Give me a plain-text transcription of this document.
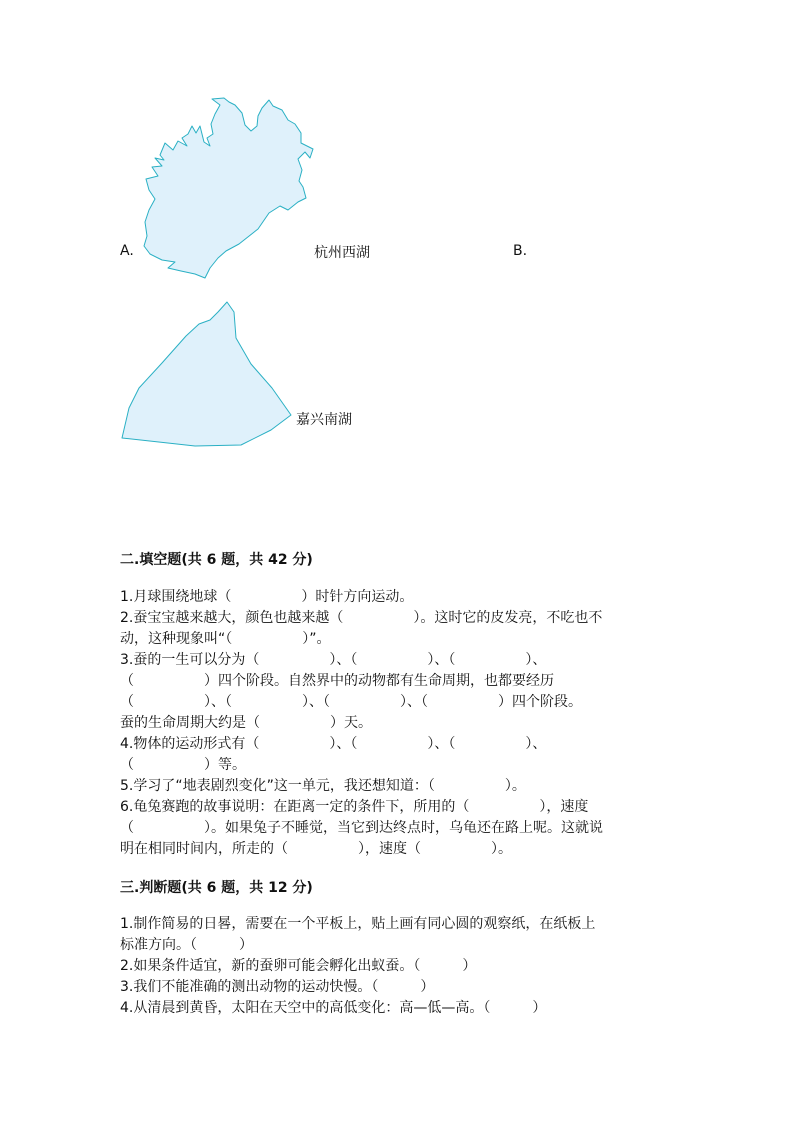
A.	杭州西湖	B.
嘉兴南湖
二.填空题(共 6 题，共 42 分)
1.月球围绕地球（　　　　　）时针方向运动。
2.蚕宝宝越来越大，颜色也越来越（　　　　　）。这时它的皮发亮，不吃也不
动，这种现象叫“（　　　　　）”。
3.蚕的一生可以分为（　　　　　）、（　　　　　）、（　　　　　）、
（　　　　　）四个阶段。自然界中的动物都有生命周期，也都要经历
（　　　　　）、（　　　　　）、（　　　　　）、（　　　　　）四个阶段。
蚕的生命周期大约是（　　　　　）天。
4.物体的运动形式有（　　　　　）、（　　　　　）、（　　　　　）、
（　　　　　）等。
5.学习了“地表剧烈变化”这一单元，我还想知道：（　　　　　）。
6.龟兔赛跑的故事说明：在距离一定的条件下，所用的（　　　　　），速度
（　　　　　）。如果兔子不睡觉，当它到达终点时，乌龟还在路上呢。这就说
明在相同时间内，所走的（　　　　　），速度（　　　　　）。
三.判断题(共 6 题，共 12 分)
1.制作简易的日晷，需要在一个平板上，贴上画有同心圆的观察纸，在纸板上
标准方向。（　　　）
2.如果条件适宜，新的蚕卵可能会孵化出蚁蚕。（　　　）
3.我们不能准确的测出动物的运动快慢。（　　　）
4.从清晨到黄昏，太阳在天空中的高低变化：高—低—高。（　　　）
